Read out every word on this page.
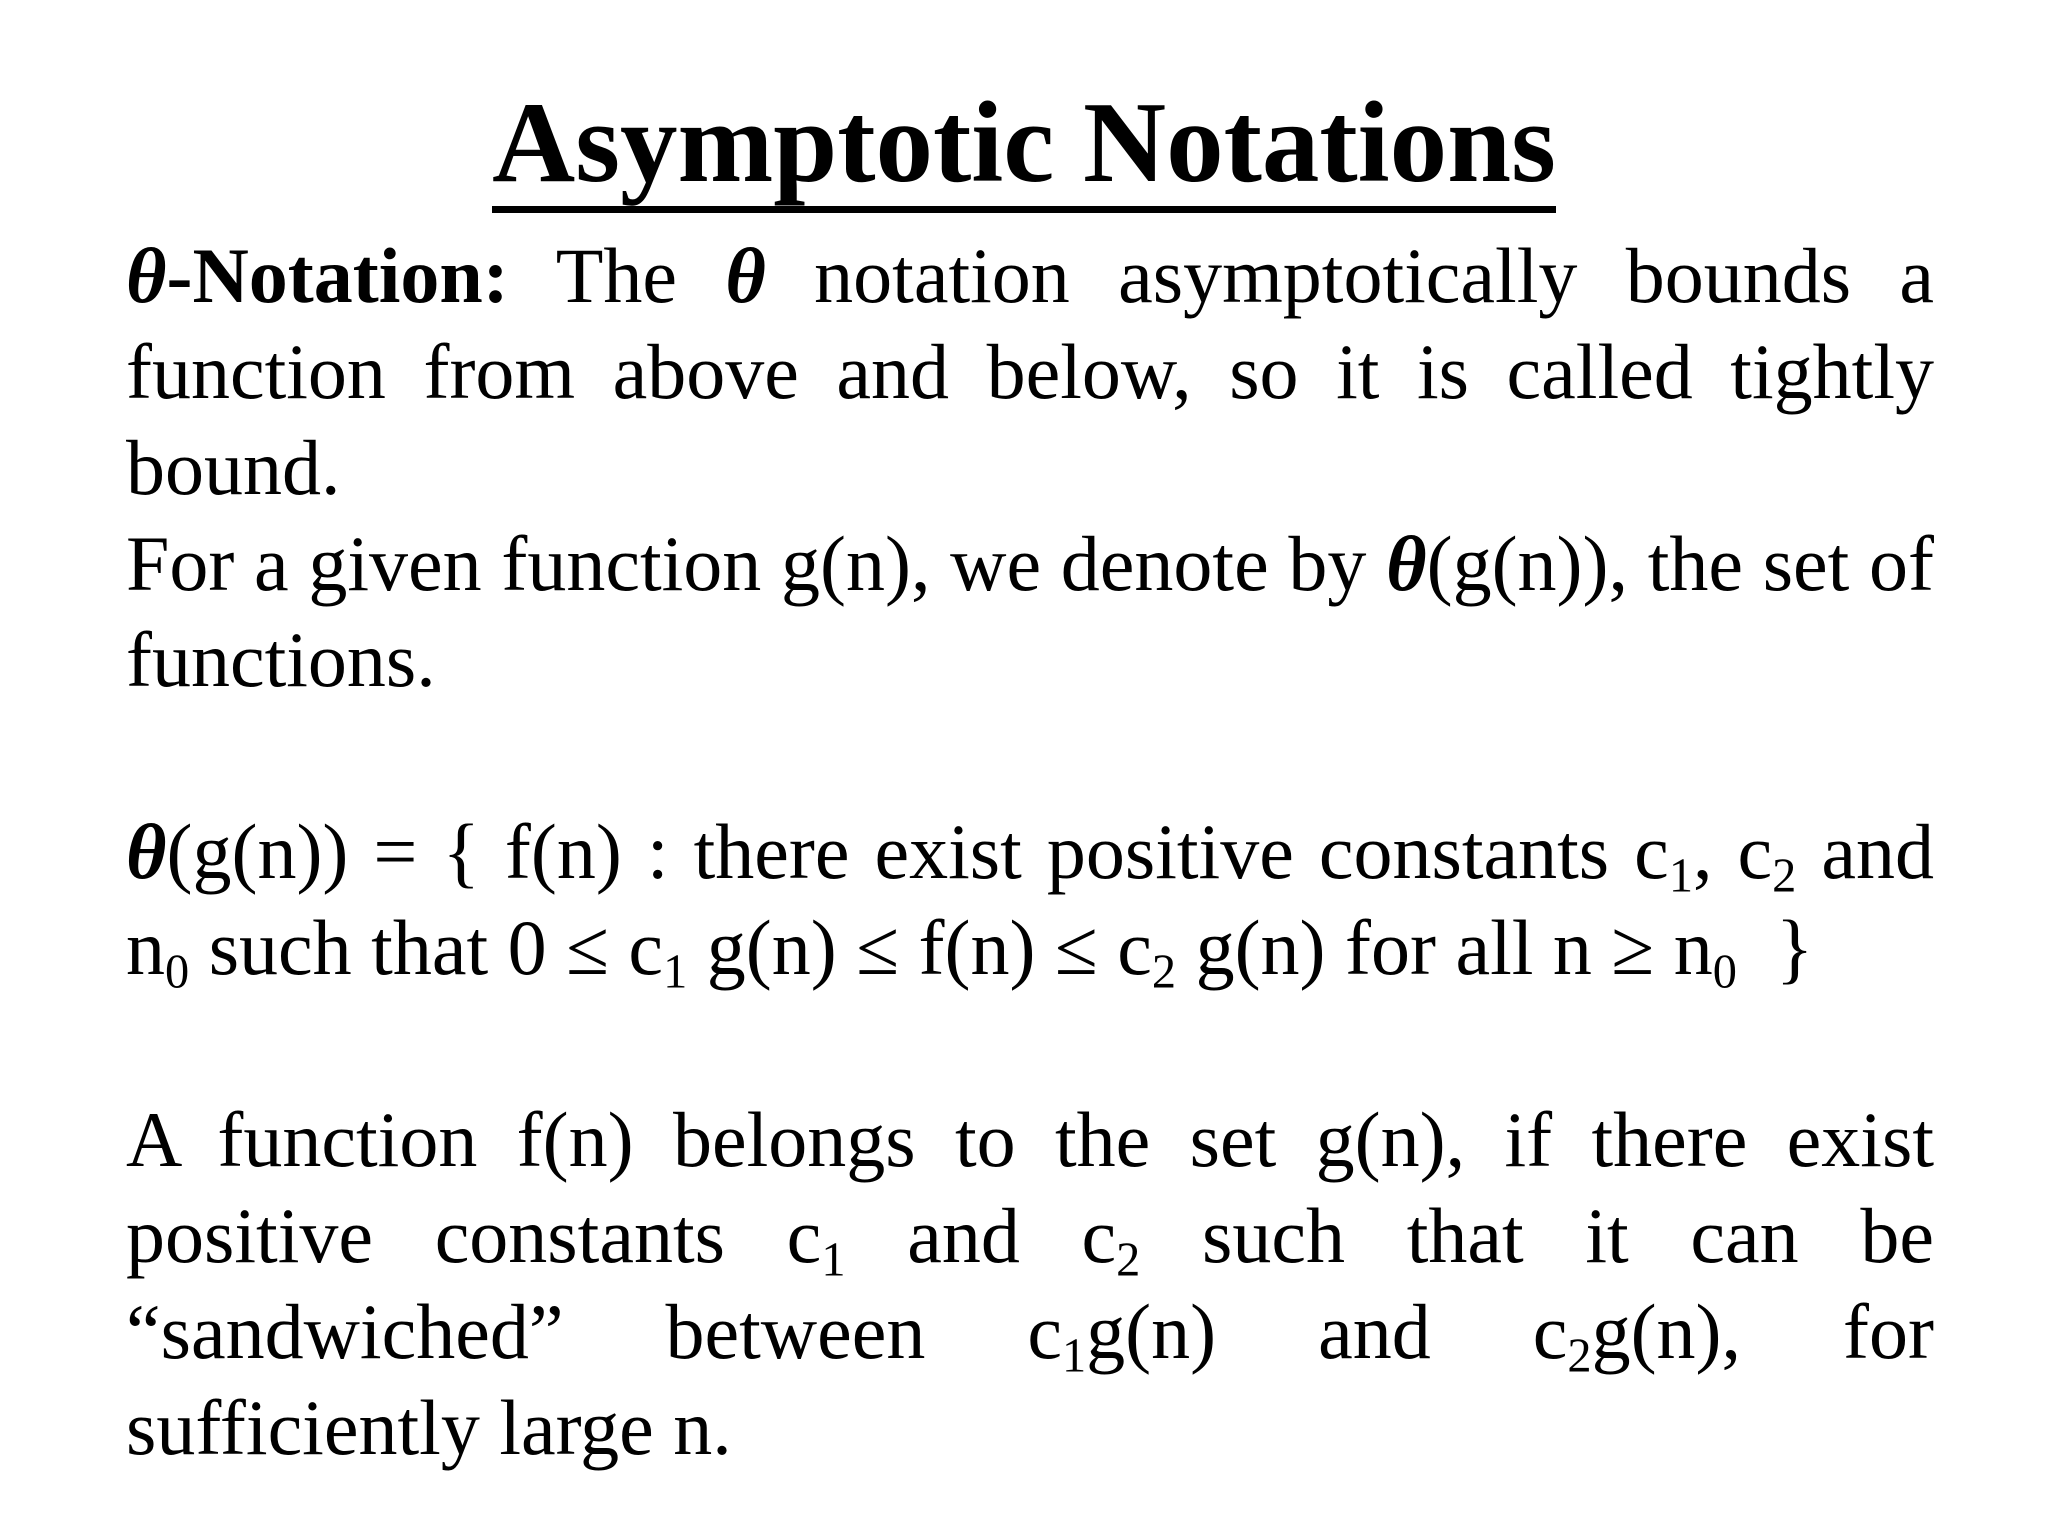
Asymptotic Notations

θ-Notation: The θ notation asymptotically bounds a function from above and below, so it is called tightly bound.

For a given function g(n), we denote by θ(g(n)), the set of functions.

θ(g(n)) = { f(n) : there exist positive constants $c_1$, $c_2$ and
$n_0$ such that $0 \le c_1$ $g(n) \le f(n) \le c_2$ g(n) for all $n \ge n_0$  }
A function f(n) belongs to the set g(n), if there exist
positive constants $c_1$ and $c_2$ such that it can be
“sandwiched” between $c_1g(n)$ and $c_2g(n)$, for
sufficiently large n.
